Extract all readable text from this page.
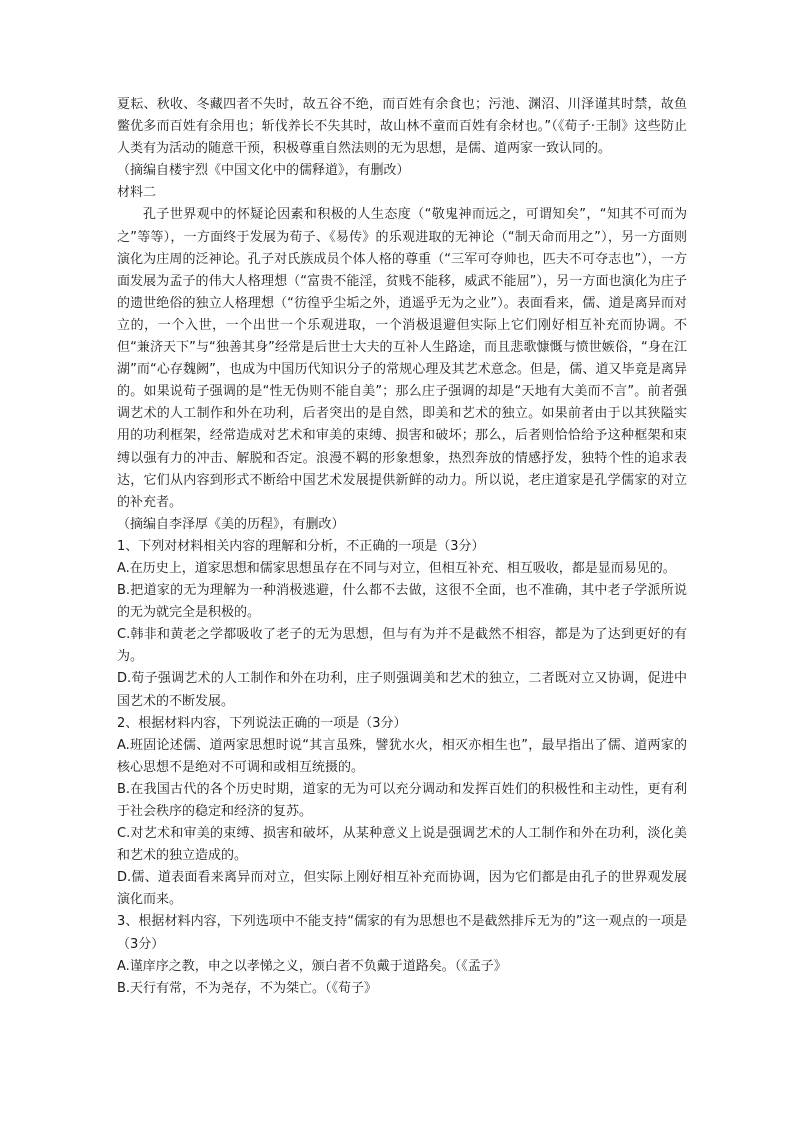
夏耘、秋收、冬藏四者不失时，故五谷不绝，而百姓有余食也；污池、渊沼、川泽谨其时禁，故鱼鳖优多而百姓有余用也；斩伐养长不失其时，故山林不童而百姓有余材也。”（《荀子·王制》这些防止人类有为活动的随意干预，积极尊重自然法则的无为思想，是儒、道两家一致认同的。

（摘编自楼宇烈《中国文化中的儒释道》，有删改）

材料二

孔子世界观中的怀疑论因素和积极的人生态度（“敬鬼神而远之，可谓知矣”，“知其不可而为之”等等），一方面终于发展为荀子、《易传》的乐观进取的无神论（“制天命而用之”），另一方面则演化为庄周的泛神论。孔子对氏族成员个体人格的尊重（“三军可夺帅也，匹夫不可夺志也”），一方面发展为孟子的伟大人格理想（“富贵不能淫，贫贱不能移，威武不能屈”），另一方面也演化为庄子的遗世绝俗的独立人格理想（“彷徨乎尘垢之外，逍遥乎无为之业”）。表面看来，儒、道是离异而对立的，一个入世，一个出世一个乐观进取，一个消极退避但实际上它们刚好相互补充而协调。不但“兼济天下”与“独善其身”经常是后世士大夫的互补人生路途，而且悲歌慷慨与愤世嫉俗，“身在江湖”而“心存魏阙”，也成为中国历代知识分子的常规心理及其艺术意念。但是，儒、道又毕竟是离异的。如果说荀子强调的是“性无伪则不能自美”；那么庄子强调的却是“天地有大美而不言”。前者强调艺术的人工制作和外在功利，后者突出的是自然，即美和艺术的独立。如果前者由于以其狭隘实用的功利框架，经常造成对艺术和审美的束缚、损害和破坏；那么，后者则恰恰给予这种框架和束缚以强有力的冲击、解脱和否定。浪漫不羁的形象想象，热烈奔放的情感抒发，独特个性的追求表达，它们从内容到形式不断给中国艺术发展提供新鲜的动力。所以说，老庄道家是孔学儒家的对立的补充者。

（摘编自李泽厚《美的历程》，有删改）

1、下列对材料相关内容的理解和分析，不正确的一项是（3分）

A.在历史上，道家思想和儒家思想虽存在不同与对立，但相互补充、相互吸收，都是显而易见的。

B.把道家的无为理解为一种消极逃避，什么都不去做，这很不全面，也不准确，其中老子学派所说的无为就完全是积极的。

C.韩非和黄老之学都吸收了老子的无为思想，但与有为并不是截然不相容，都是为了达到更好的有为。

D.荀子强调艺术的人工制作和外在功利，庄子则强调美和艺术的独立，二者既对立又协调，促进中国艺术的不断发展。

2、根据材料内容，下列说法正确的一项是（3分）

A.班固论述儒、道两家思想时说“其言虽殊，譬犹水火，相灭亦相生也”，最早指出了儒、道两家的核心思想不是绝对不可调和或相互统摄的。

B.在我国古代的各个历史时期，道家的无为可以充分调动和发挥百姓们的积极性和主动性，更有利于社会秩序的稳定和经济的复苏。

C.对艺术和审美的束缚、损害和破坏，从某种意义上说是强调艺术的人工制作和外在功利，淡化美和艺术的独立造成的。

D.儒、道表面看来离异而对立，但实际上刚好相互补充而协调，因为它们都是由孔子的世界观发展演化而来。

3、根据材料内容，下列选项中不能支持“儒家的有为思想也不是截然排斥无为的”这一观点的一项是（3分）

A.谨庠序之教，申之以孝悌之义，颁白者不负戴于道路矣。（《孟子》

B.天行有常，不为尧存，不为桀亡。（《荀子》
